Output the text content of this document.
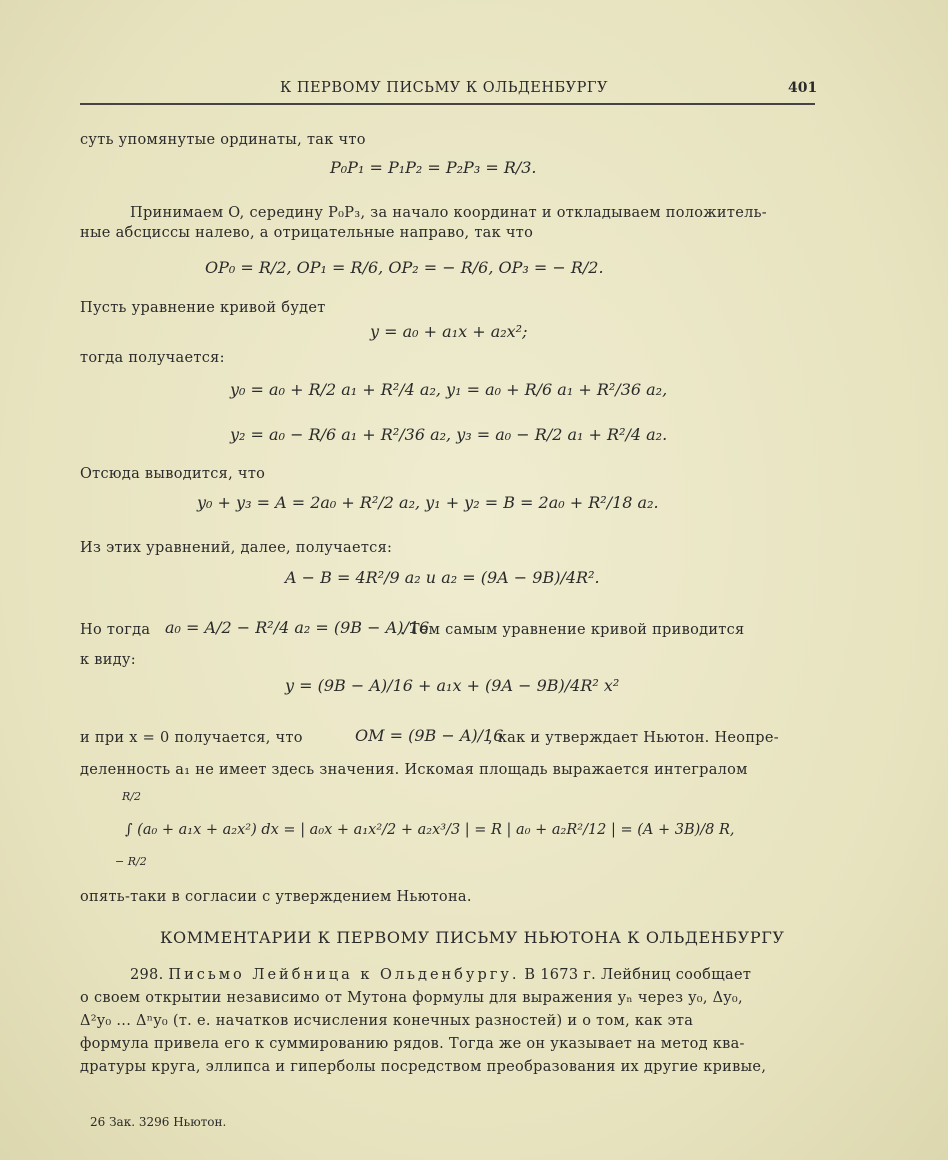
К ПЕРВОМУ ПИСЬМУ К ОЛЬДЕНБУРГУ	401
суть упомянутые ординаты, так что
P₀P₁ = P₁P₂ = P₂P₃ = R/3.
Принимаем O, середину P₀P₃, за начало координат и откладываем положитель-
ные абсциссы налево, а отрицательные направо, так что
OP₀ = R/2, OP₁ = R/6, OP₂ = − R/6, OP₃ = − R/2.
Пусть уравнение кривой будет
y = a₀ + a₁x + a₂x²;
тогда получается:
y₀ = a₀ + R/2 a₁ + R²/4 a₂, y₁ = a₀ + R/6 a₁ + R²/36 a₂,
y₂ = a₀ − R/6 a₁ + R²/36 a₂, y₃ = a₀ − R/2 a₁ + R²/4 a₂.
Отсюда выводится, что
y₀ + y₃ = A = 2a₀ + R²/2 a₂, y₁ + y₂ = B = 2a₀ + R²/18 a₂.
Из этих уравнений, далее, получается:
A − B = 4R²/9 a₂ и a₂ = (9A − 9B)/4R².
Но тогда a₀ = A/2 − R²/4 a₂ = (9B − A)/16
. Тем самым уравнение кривой приводится
к виду:
y = (9B − A)/16 + a₁x + (9A − 9B)/4R² x²
и при x = 0 получается, что	OM = (9B − A)/16
, как и утверждает Ньютон. Неопре-
деленность a₁ не имеет здесь значения. Искомая площадь выражается интегралом
R/2
− R/2
∫ (a₀ + a₁x + a₂x²) dx = | a₀x + a₁x²/2 + a₂x³/3 | = R | a₀ + a₂R²/12 | = (A + 3B)/8 R,
опять-таки в согласии с утверждением Ньютона.
КОММЕНТАРИИ К ПЕРВОМУ ПИСЬМУ НЬЮТОНА К ОЛЬДЕНБУРГУ
298. Письмо Лейбница к Ольденбургу. В 1673 г. Лейбниц сообщает
о своем открытии независимо от Мутона формулы для выражения yₙ через y₀, Δy₀,
Δ²y₀ ... Δⁿy₀ (т. е. начатков исчисления конечных разностей) и о том, как эта
формула привела его к суммированию рядов. Тогда же он указывает на метод ква-
дратуры круга, эллипса и гиперболы посредством преобразования их другие кривые,
26 Зак. 3296 Ньютон.
